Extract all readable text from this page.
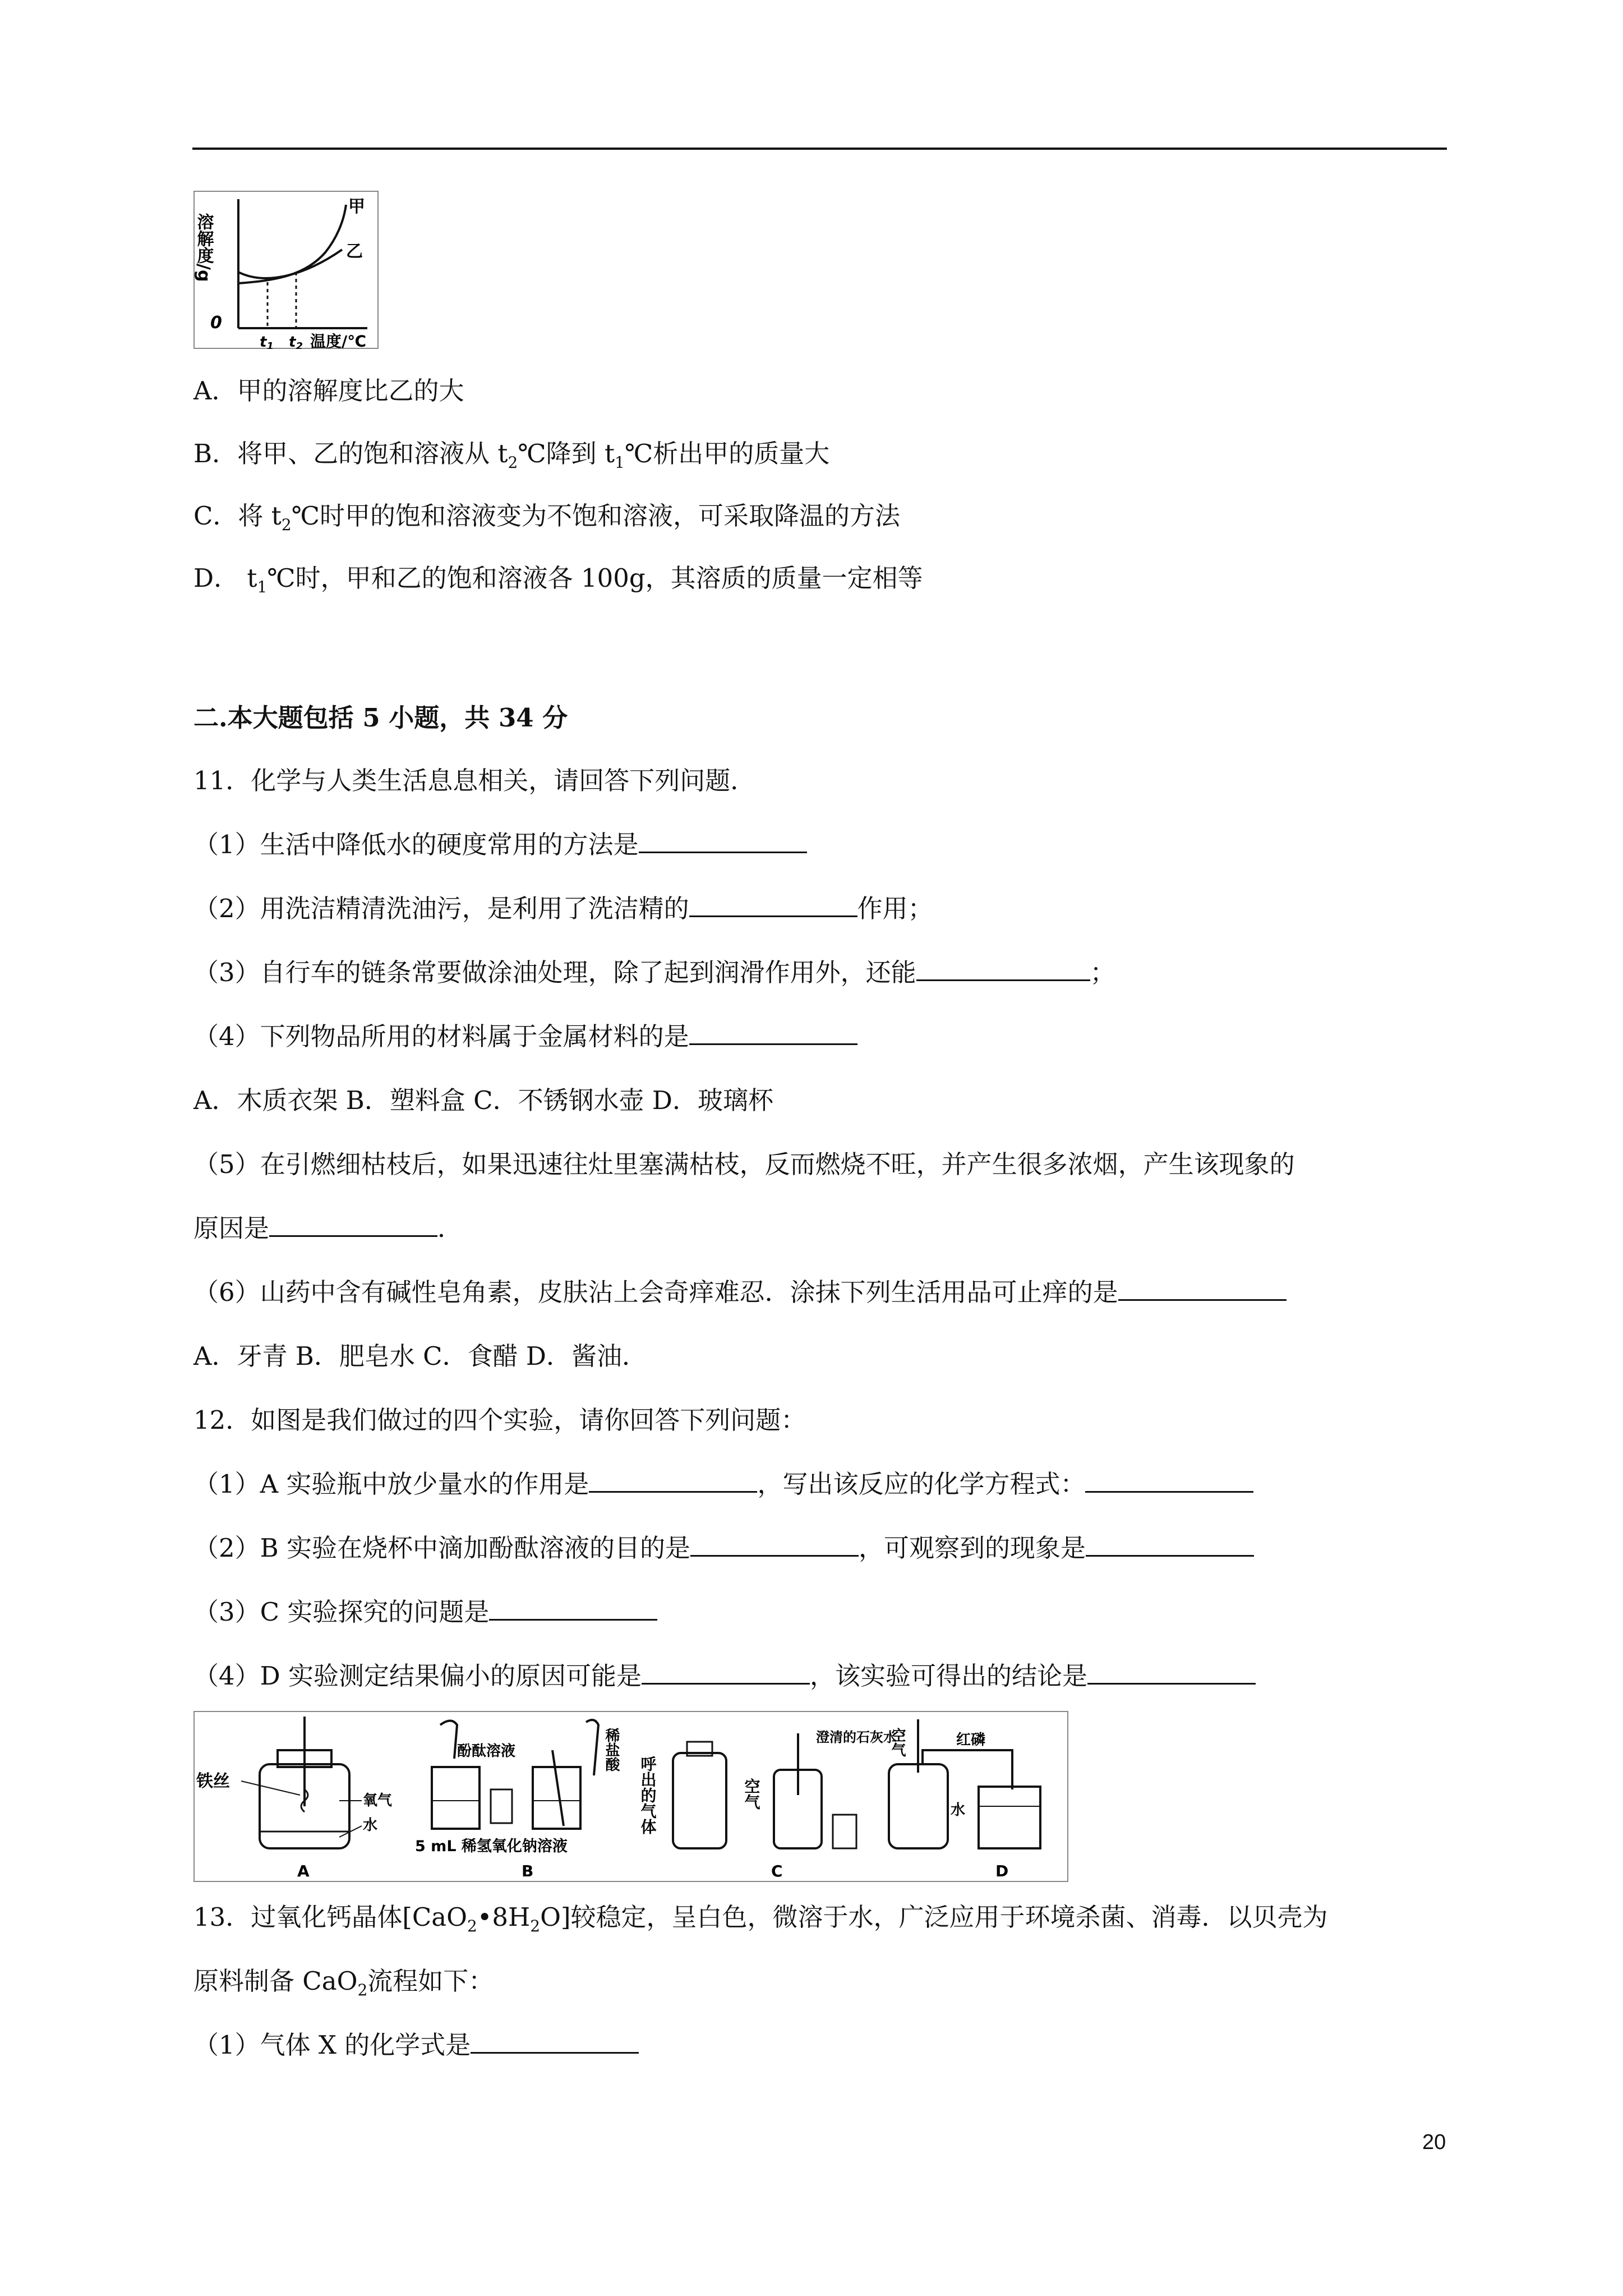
溶解度/g
甲
乙
0
t1 t2 温度/℃
A．甲的溶解度比乙的大
B．将甲、乙的饱和溶液从 $t_2℃$降到 $t_1℃$析出甲的质量大
C．将 $t_2℃$时甲的饱和溶液变为不饱和溶液，可采取降温的方法
D． $t_1℃$时，甲和乙的饱和溶液各 100g，其溶质的质量一定相等
二.本大题包括 5 小题，共 34 分
11．化学与人类生活息息相关，请回答下列问题．
（1）生活中降低水的硬度常用的方法是
（2）用洗洁精清洗油污，是利用了洗洁精的	作用；
（3）自行车的链条常要做涂油处理，除了起到润滑作用外，还能	；
（4）下列物品所用的材料属于金属材料的是
A．木质衣架 B．塑料盒 C．不锈钢水壶 D．玻璃杯
（5）在引燃细枯枝后，如果迅速往灶里塞满枯枝，反而燃烧不旺，并产生很多浓烟，产生该现象的
原因是	．
（6）山药中含有碱性皂角素，皮肤沾上会奇痒难忍．涂抹下列生活用品可止痒的是
A．牙青 B．肥皂水 C．食醋 D．酱油．
12．如图是我们做过的四个实验，请你回答下列问题：
（1）A 实验瓶中放少量水的作用是	，写出该反应的化学方程式：
（2）B 实验在烧杯中滴加酚酞溶液的目的是	，可观察到的现象是
（3）C 实验探究的问题是
（4）D 实验测定结果偏小的原因可能是	，该实验可得出的结论是
铁丝
氧气
水
A
酚酞溶液	稀盐酸
5 mL 稀氢氧化钠溶液
B
呼出的气体	空气
澄清的石灰水
C
空气	红磷
水
D
13．过氧化钙晶体$[CaO_2•8H_2O]$较稳定，呈白色，微溶于水，广泛应用于环境杀菌、消毒．以贝壳为
原料制备 CaO$_2$流程如下：
（1）气体 X 的化学式是
20
